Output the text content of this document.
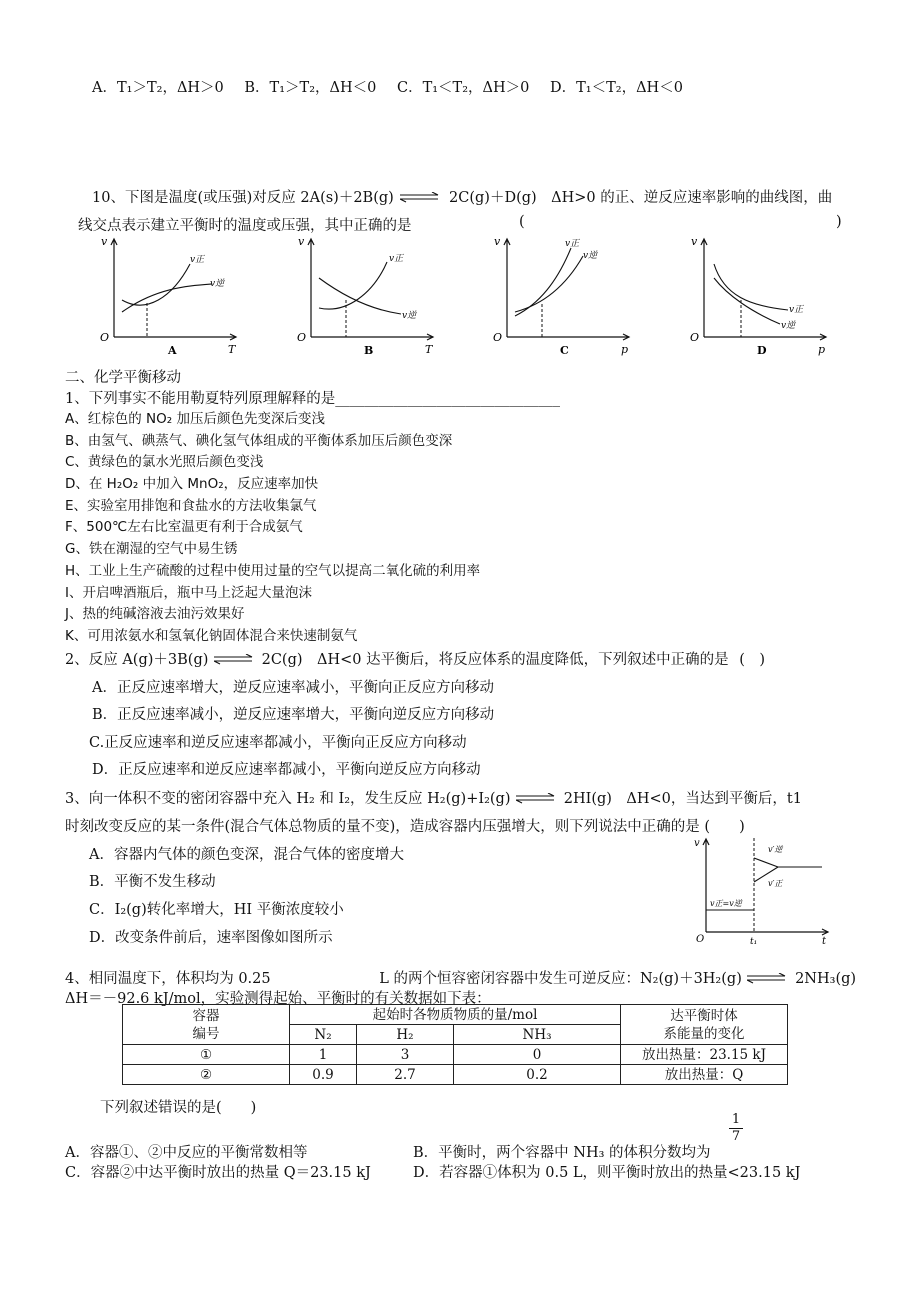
A．T₁＞T₂，ΔH＞0 B．T₁＞T₂，ΔH＜0 C．T₁＜T₂，ΔH＞0 D．T₁＜T₂，ΔH＜0
10、下图是温度(或压强)对反应 2A(s)＋2B(g)	2C(g)＋D(g)　ΔH>0 的正、逆反应速率影响的曲线图，曲
线交点表示建立平衡时的温度或压强，其中正确的是	(	)
v
O
T
v正
v逆
A
v
O
T
v正
v逆
B
v
O
p
v正
v逆
C
v
O
p
v正
v逆
D
二、化学平衡移动
1、下列事实不能用勒夏特列原理解释的是_______________________________
A、红棕色的 NO₂ 加压后颜色先变深后变浅
B、由氢气、碘蒸气、碘化氢气体组成的平衡体系加压后颜色变深
C、黄绿色的氯水光照后颜色变浅
D、在 H₂O₂ 中加入 MnO₂，反应速率加快
E、实验室用排饱和食盐水的方法收集氯气
F、500℃左右比室温更有利于合成氨气
G、铁在潮湿的空气中易生锈
H、工业上生产硫酸的过程中使用过量的空气以提高二氧化硫的利用率
I、开启啤酒瓶后，瓶中马上泛起大量泡沫
J、热的纯碱溶液去油污效果好
K、可用浓氨水和氢氧化钠固体混合来快速制氨气
2、反应 A(g)＋3B(g)	2C(g)　ΔH<0 达平衡后，将反应体系的温度降低，下列叙述中正确的是 (　)
A．正反应速率增大，逆反应速率减小，平衡向正反应方向移动
B．正反应速率减小，逆反应速率增大，平衡向逆反应方向移动
C.正反应速率和逆反应速率都减小，平衡向正反应方向移动
D．正反应速率和逆反应速率都减小，平衡向逆反应方向移动
3、向一体积不变的密闭容器中充入 H₂ 和 I₂，发生反应 H₂(g)+I₂(g)	2HI(g)　ΔH<0，当达到平衡后，t1
时刻改变反应的某一条件(混合气体总物质的量不变)，造成容器内压强增大，则下列说法中正确的是 (　　)
A．容器内气体的颜色变深，混合气体的密度增大
B．平衡不发生移动
C．I₂(g)转化率增大，HI 平衡浓度较小
D．改变条件前后，速率图像如图所示
v
O	t
t₁
v正=v逆
v′正
v′逆
4、相同温度下，体积均为 0.25	L 的两个恒容密闭容器中发生可逆反应：N₂(g)＋3H₂(g)	2NH₃(g)
ΔH＝－92.6 kJ/mol，实验测得起始、平衡时的有关数据如下表：
容器
编号	起始时各物质物质的量/mol			达平衡时体
系能量的变化
	N₂	H₂	NH₃	
①	1	3	0	放出热量：23.15 kJ
②	0.9	2.7	0.2	放出热量：Q
下列叙述错误的是(　　)
$\frac{1}{7}$
A．容器①、②中反应的平衡常数相等	B．平衡时，两个容器中 NH₃ 的体积分数均为
C．容器②中达平衡时放出的热量 Q＝23.15 kJ	D．若容器①体积为 0.5 L，则平衡时放出的热量<23.15 kJ
